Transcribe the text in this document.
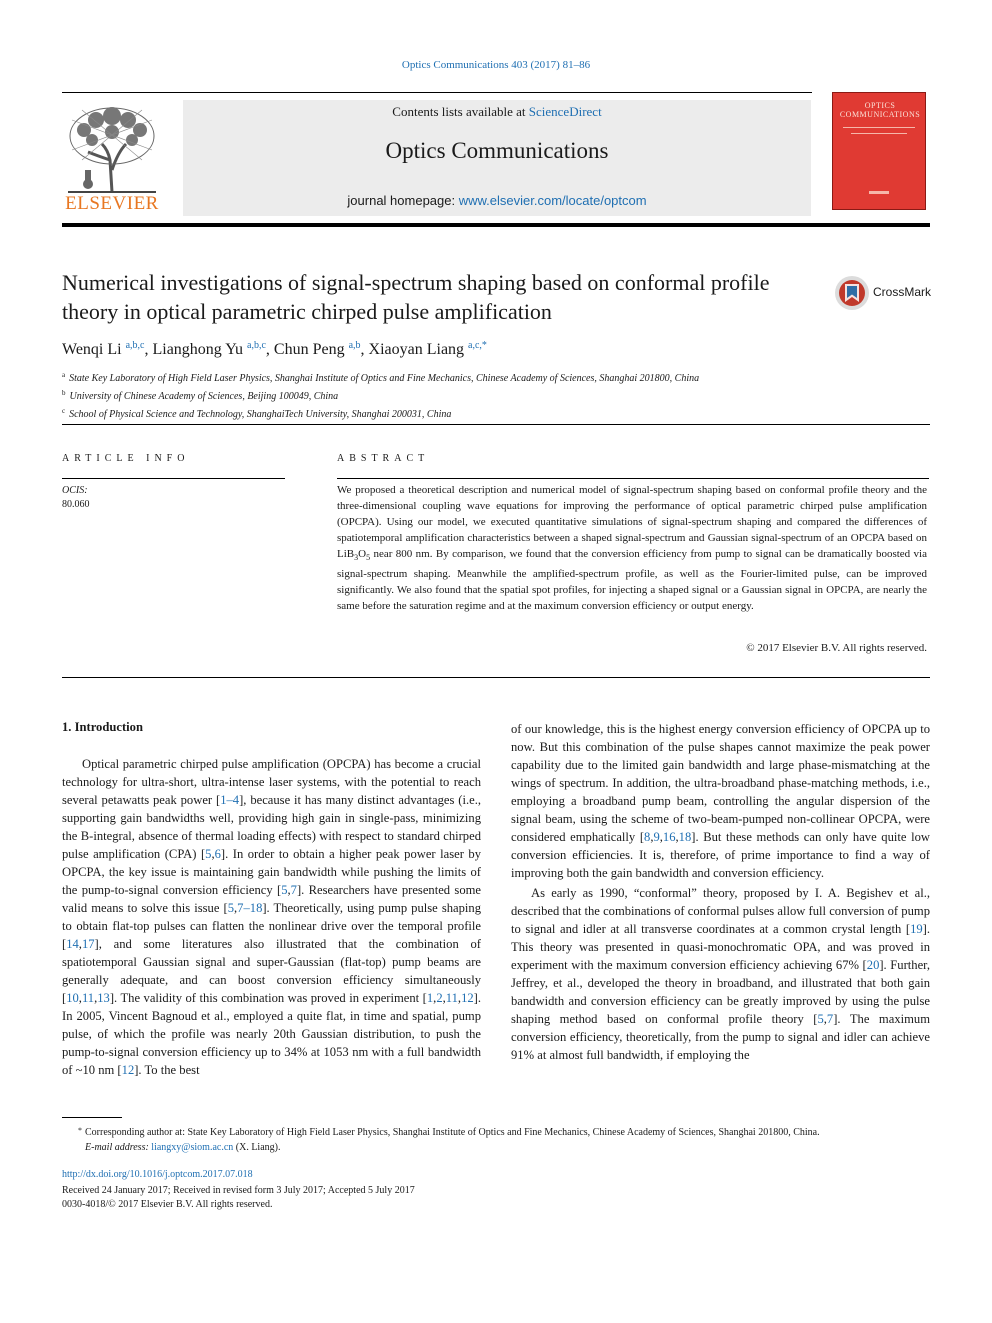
Optics Communications 403 (2017) 81–86
ELSEVIER
Contents lists available at ScienceDirect
Optics Communications
journal homepage: www.elsevier.com/locate/optcom
OPTICS COMMUNICATIONS
Numerical investigations of signal-spectrum shaping based on conformal profile theory in optical parametric chirped pulse amplification
CrossMark
Wenqi Li $^{a,b,c}$, Lianghong Yu $^{a,b,c}$, Chun Peng $^{a,b}$, Xiaoyan Liang $^{a,c,*}$
$^a$ State Key Laboratory of High Field Laser Physics, Shanghai Institute of Optics and Fine Mechanics, Chinese Academy of Sciences, Shanghai 201800, China
$^b$ University of Chinese Academy of Sciences, Beijing 100049, China
$^c$ School of Physical Science and Technology, ShanghaiTech University, Shanghai 200031, China
ARTICLE INFO	ABSTRACT
OCIS:
80.060
We proposed a theoretical description and numerical model of signal-spectrum shaping based on conformal profile theory and the three-dimensional coupling wave equations for improving the performance of optical parametric chirped pulse amplification (OPCPA). Using our model, we executed quantitative simulations of signal-spectrum shaping and compared the differences of spatiotemporal amplification characteristics between a shaped signal-spectrum and Gaussian signal-spectrum of an OPCPA based on $LiB_3O_5$ near 800 nm. By comparison, we found that the conversion efficiency from pump to signal can be dramatically boosted via signal-spectrum shaping. Meanwhile the amplified-spectrum profile, as well as the Fourier-limited pulse, can be improved significantly. We also found that the spatial spot profiles, for injecting a shaped signal or a Gaussian signal in OPCPA, are nearly the same before the saturation regime and at the maximum conversion efficiency or output energy.
© 2017 Elsevier B.V. All rights reserved.
1. Introduction

Optical parametric chirped pulse amplification (OPCPA) has become a crucial technology for ultra-short, ultra-intense laser systems, with the potential to reach several petawatts peak power [1–4], because it has many distinct advantages (i.e., supporting gain bandwidths well, providing high gain in single-pass, minimizing the B-integral, absence of thermal loading effects) with respect to standard chirped pulse amplification (CPA) [5,6]. In order to obtain a higher peak power laser by OPCPA, the key issue is maintaining gain bandwidth while pushing the limits of the pump-to-signal conversion efficiency [5,7]. Researchers have presented some valid means to solve this issue [5,7–18]. Theoretically, using pump pulse shaping to obtain flat-top pulses can flatten the nonlinear drive over the temporal profile [14,17], and some literatures also illustrated that the combination of spatiotemporal Gaussian signal and super-Gaussian (flat-top) pump beams are generally adequate, and can boost conversion efficiency simultaneously [10,11,13]. The validity of this combination was proved in experiment [1,2,11,12]. In 2005, Vincent Bagnoud et al., employed a quite flat, in time and spatial, pump pulse, of which the profile was nearly 20th Gaussian distribution, to push the pump-to-signal conversion efficiency up to 34% at 1053 nm with a full bandwidth of ~10 nm [12]. To the best

of our knowledge, this is the highest energy conversion efficiency of OPCPA up to now. But this combination of the pulse shapes cannot maximize the peak power capability due to the limited gain bandwidth and large phase-mismatching at the wings of spectrum. In addition, the ultra-broadband phase-matching methods, i.e., employing a broadband pump beam, controlling the angular dispersion of the signal beam, using the scheme of two-beam-pumped non-collinear OPCPA, were considered emphatically [8,9,16,18]. But these methods can only have quite low conversion efficiencies. It is, therefore, of prime importance to find a way of improving both the gain bandwidth and conversion efficiency.

As early as 1990, “conformal” theory, proposed by I. A. Begishev et al., described that the combinations of conformal pulses allow full conversion of pump to signal and idler at all transverse coordinates at a common crystal length [19]. This theory was presented in quasi-monochromatic OPA, and was proved in experiment with the maximum conversion efficiency achieving 67% [20]. Further, Jeffrey, et al., developed the theory in broadband, and illustrated that both gain bandwidth and conversion efficiency can be greatly improved by using the pulse shaping method based on conformal profile theory [5,7]. The maximum conversion efficiency, theoretically, from the pump to signal and idler can achieve 91% at almost full bandwidth, if employing the

* Corresponding author at: State Key Laboratory of High Field Laser Physics, Shanghai Institute of Optics and Fine Mechanics, Chinese Academy of Sciences, Shanghai 201800, China.
E-mail address: liangxy@siom.ac.cn (X. Liang).
http://dx.doi.org/10.1016/j.optcom.2017.07.018
Received 24 January 2017; Received in revised form 3 July 2017; Accepted 5 July 2017
0030-4018/© 2017 Elsevier B.V. All rights reserved.
